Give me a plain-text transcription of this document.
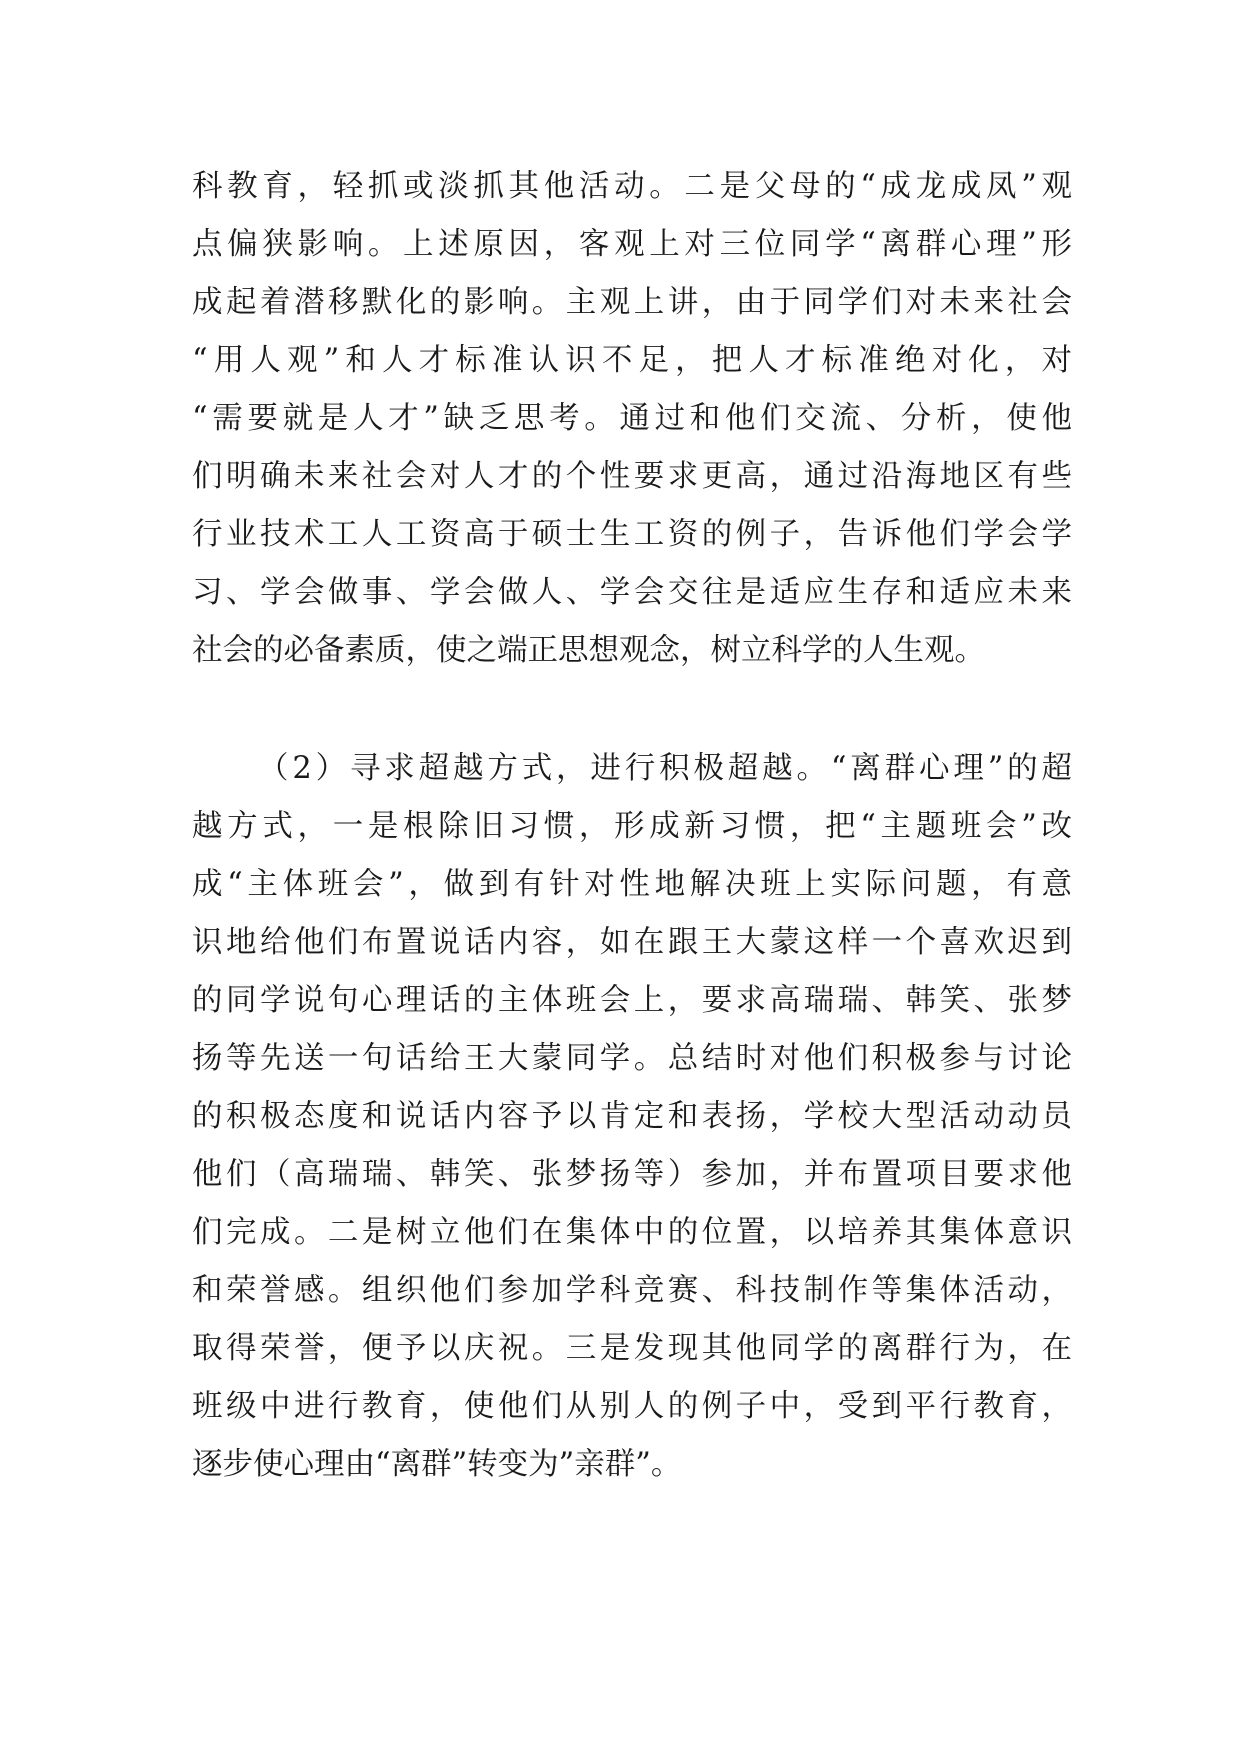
科教育，轻抓或淡抓其他活动。二是父母的“成龙成凤”观
点偏狭影响。上述原因，客观上对三位同学“离群心理”形
成起着潜移默化的影响。主观上讲，由于同学们对未来社会
“用人观”和人才标准认识不足，把人才标准绝对化，对
“需要就是人才”缺乏思考。通过和他们交流、分析，使他
们明确未来社会对人才的个性要求更高，通过沿海地区有些
行业技术工人工资高于硕士生工资的例子，告诉他们学会学
习、学会做事、学会做人、学会交往是适应生存和适应未来
社会的必备素质，使之端正思想观念，树立科学的人生观。
（2）寻求超越方式，进行积极超越。“离群心理”的超
越方式，一是根除旧习惯，形成新习惯，把“主题班会”改
成“主体班会”，做到有针对性地解决班上实际问题，有意
识地给他们布置说话内容，如在跟王大蒙这样一个喜欢迟到
的同学说句心理话的主体班会上，要求高瑞瑞、韩笑、张梦
扬等先送一句话给王大蒙同学。总结时对他们积极参与讨论
的积极态度和说话内容予以肯定和表扬，学校大型活动动员
他们（高瑞瑞、韩笑、张梦扬等）参加，并布置项目要求他
们完成。二是树立他们在集体中的位置，以培养其集体意识
和荣誉感。组织他们参加学科竞赛、科技制作等集体活动，
取得荣誉，便予以庆祝。三是发现其他同学的离群行为，在
班级中进行教育，使他们从别人的例子中，受到平行教育，
逐步使心理由“离群”转变为”亲群”。
